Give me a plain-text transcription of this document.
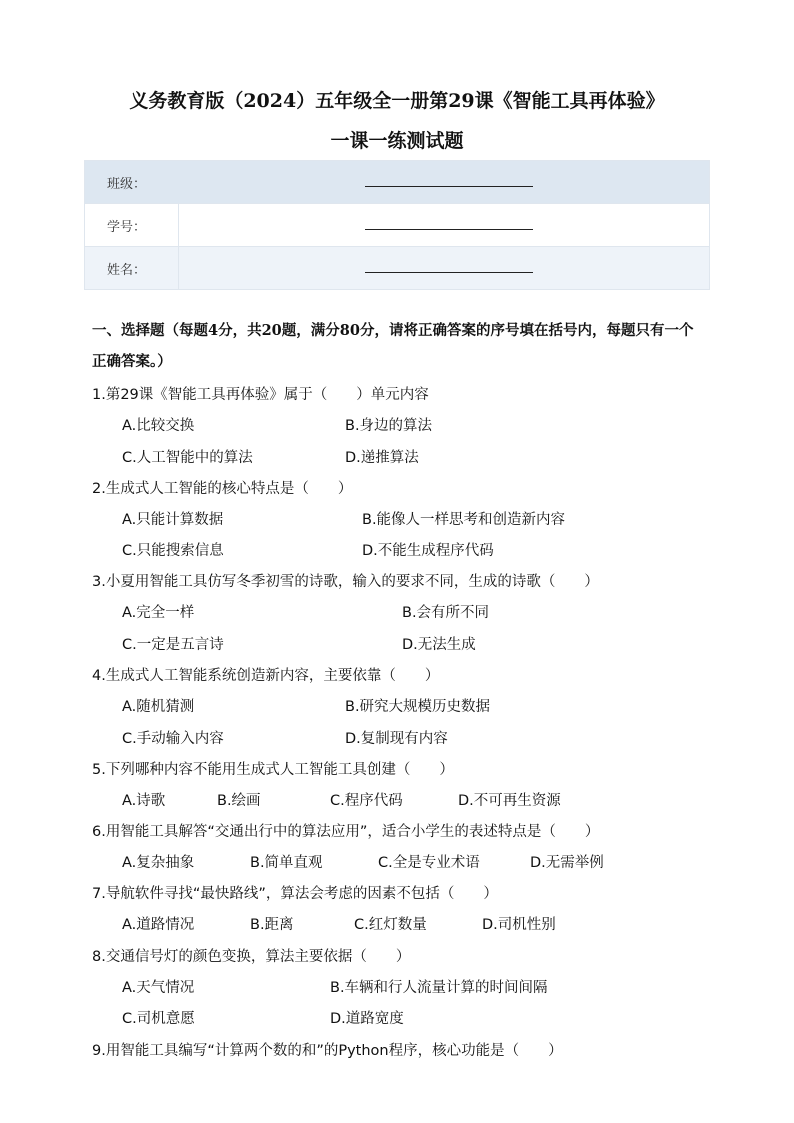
义务教育版（2024）五年级全一册第29课《智能工具再体验》
一课一练测试题
班级：	
学号：	
姓名：	
一、选择题（每题4分，共20题，满分80分，请将正确答案的序号填在括号内，每题只有一个正确答案。）
1.第29课《智能工具再体验》属于（　　）单元内容
A.比较交换	B.身边的算法
C.人工智能中的算法	D.递推算法
2.生成式人工智能的核心特点是（　　）
A.只能计算数据	B.能像人一样思考和创造新内容
C.只能搜索信息	D.不能生成程序代码
3.小夏用智能工具仿写冬季初雪的诗歌，输入的要求不同，生成的诗歌（　　）
A.完全一样	B.会有所不同
C.一定是五言诗	D.无法生成
4.生成式人工智能系统创造新内容，主要依靠（　　）
A.随机猜测	B.研究大规模历史数据
C.手动输入内容	D.复制现有内容
5.下列哪种内容不能用生成式人工智能工具创建（　　）
A.诗歌	B.绘画	C.程序代码	D.不可再生资源
6.用智能工具解答“交通出行中的算法应用”，适合小学生的表述特点是（　　）
A.复杂抽象	B.简单直观	C.全是专业术语	D.无需举例
7.导航软件寻找“最快路线”，算法会考虑的因素不包括（　　）
A.道路情况	B.距离	C.红灯数量	D.司机性别
8.交通信号灯的颜色变换，算法主要依据（　　）
A.天气情况	B.车辆和行人流量计算的时间间隔
C.司机意愿	D.道路宽度
9.用智能工具编写“计算两个数的和”的Python程序，核心功能是（　　）
